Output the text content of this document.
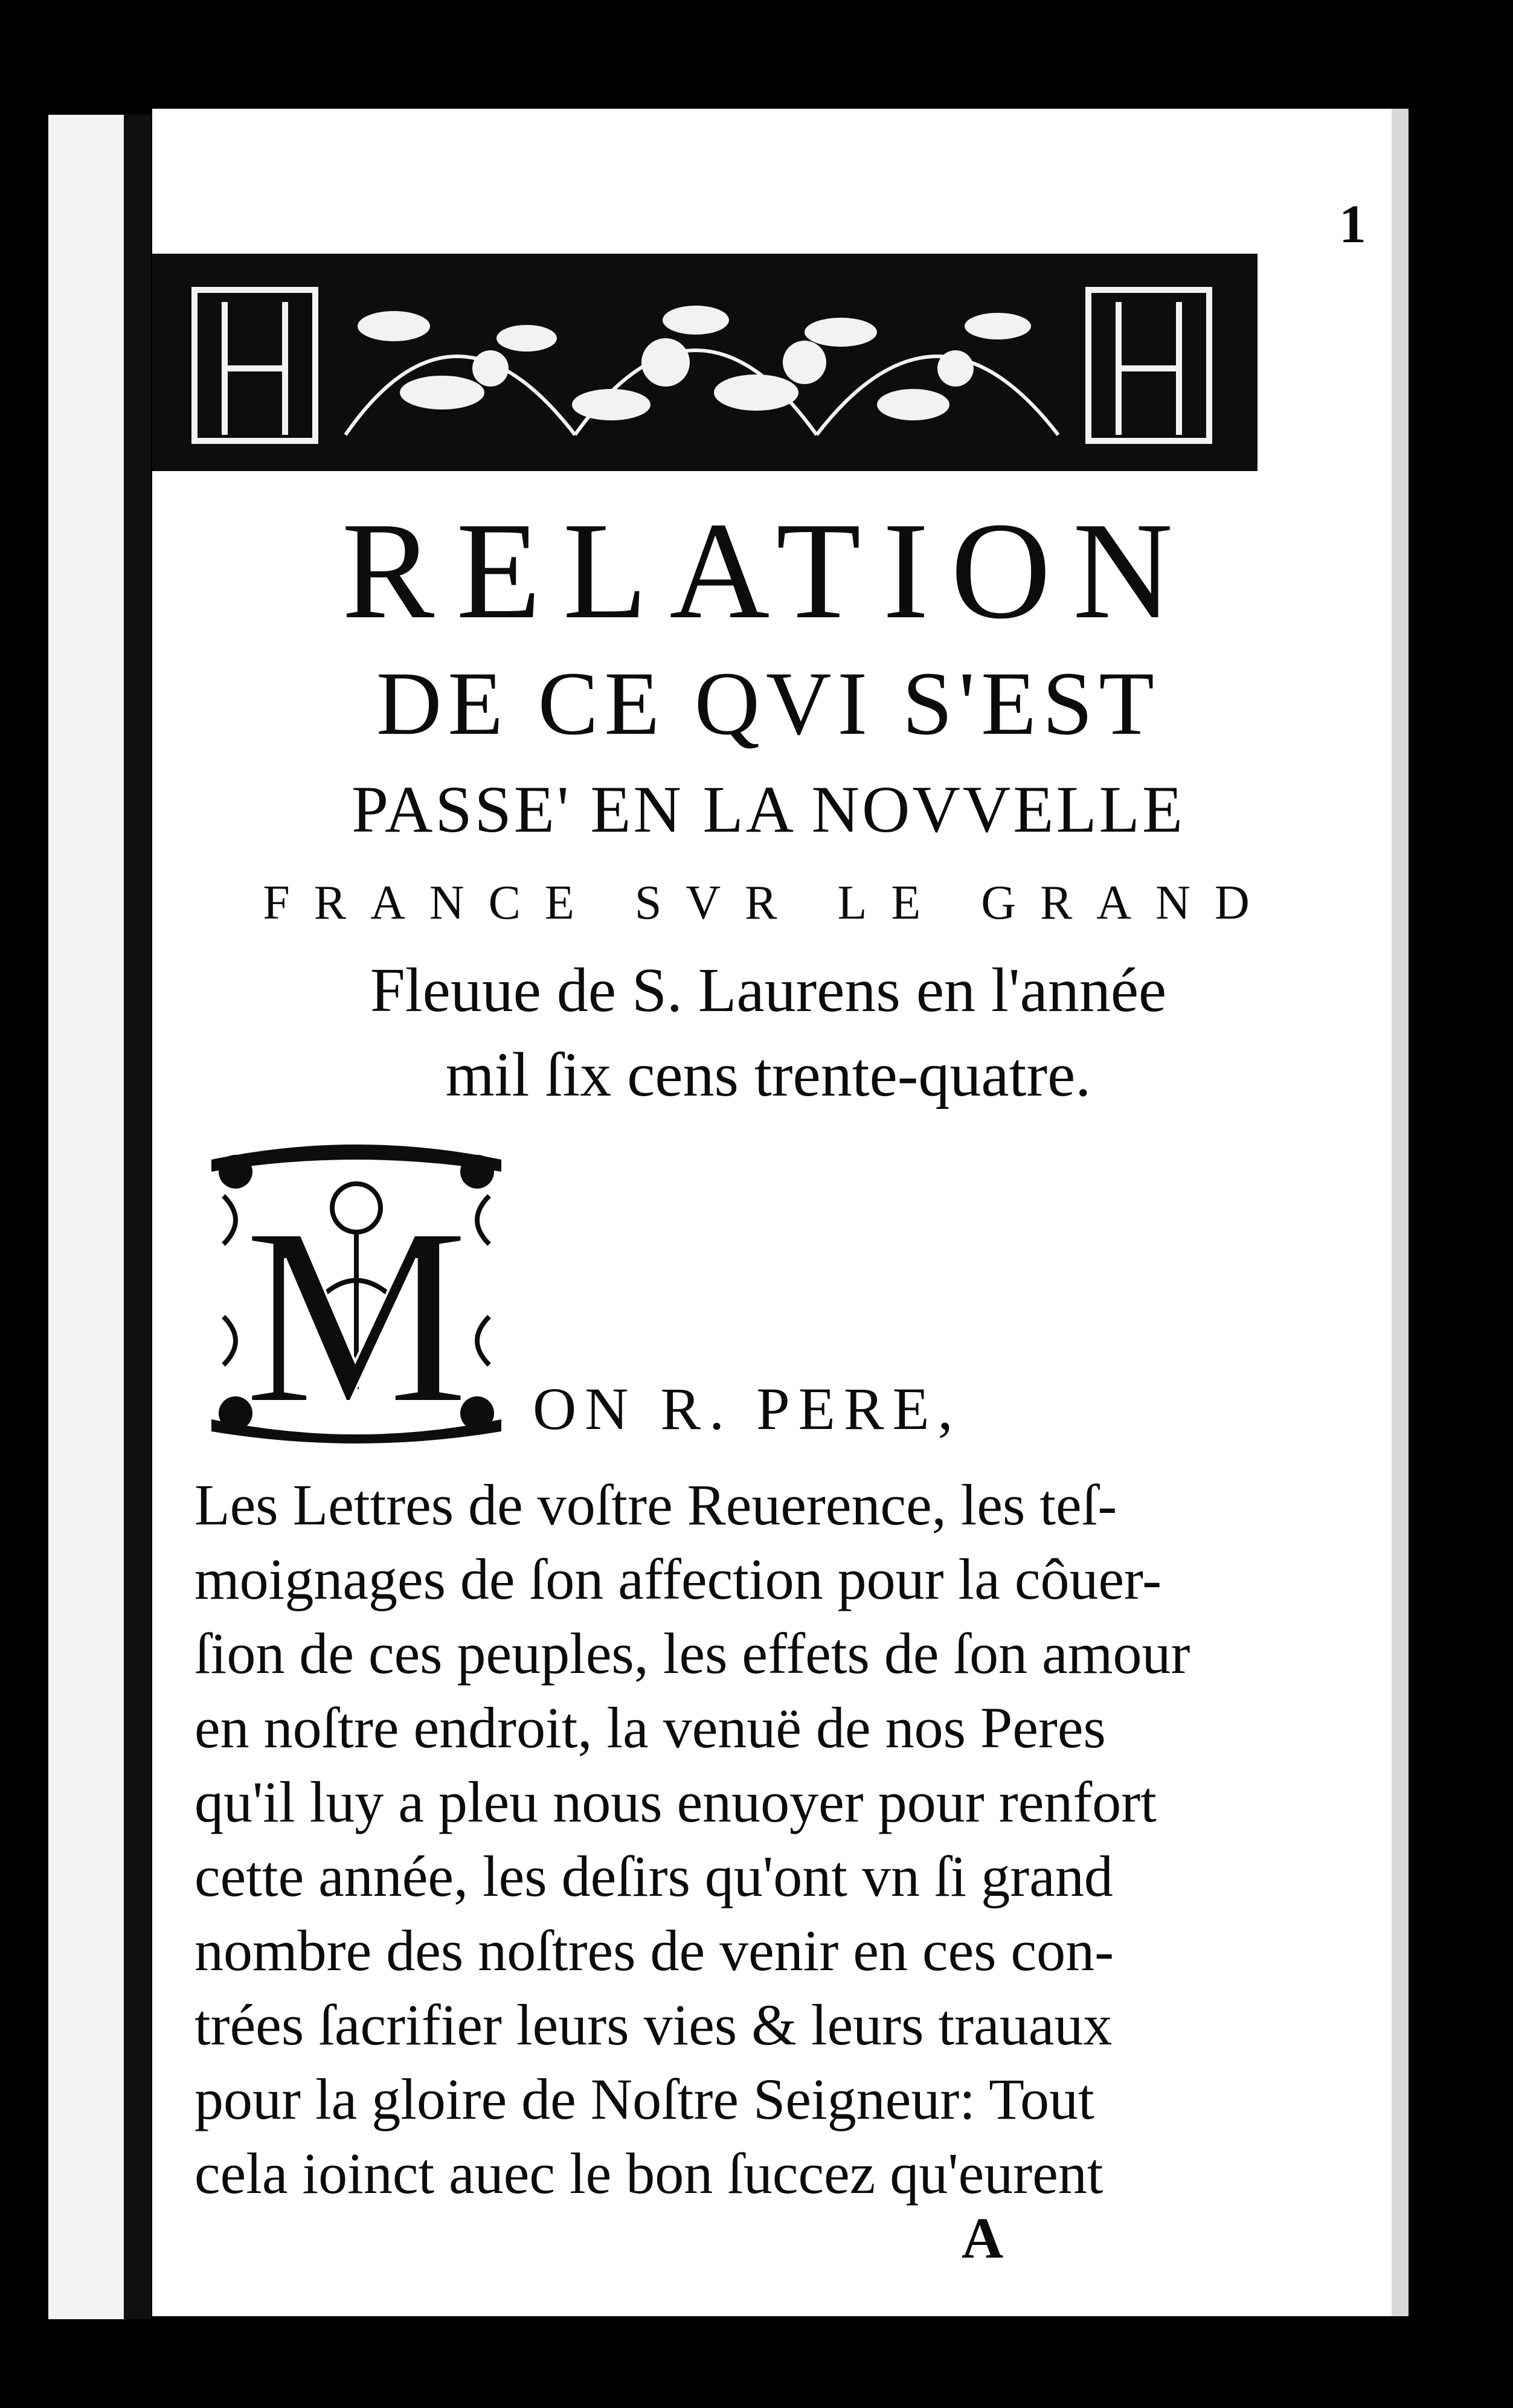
1

RELATION

DE CE QVI S'EST

PASSE' EN LA NOVVELLE

FRANCE SVR LE GRAND

Fleuue de S. Laurens en l'année

mil ſix cens trente-quatre.

M ON R. PERE,
Les Lettres de voſtre Reuerence, les teſ-
moignages de ſon affection pour la côuer-
ſion de ces peuples, les effets de ſon amour
en noſtre endroit, la venuë de nos Peres
qu'il luy a pleu nous enuoyer pour renfort
cette année, les deſirs qu'ont vn ſi grand
nombre des noſtres de venir en ces con-
trées ſacrifier leurs vies & leurs trauaux
pour la gloire de Noſtre Seigneur: Tout
cela ioinct auec le bon ſuccez qu'eurent
A
